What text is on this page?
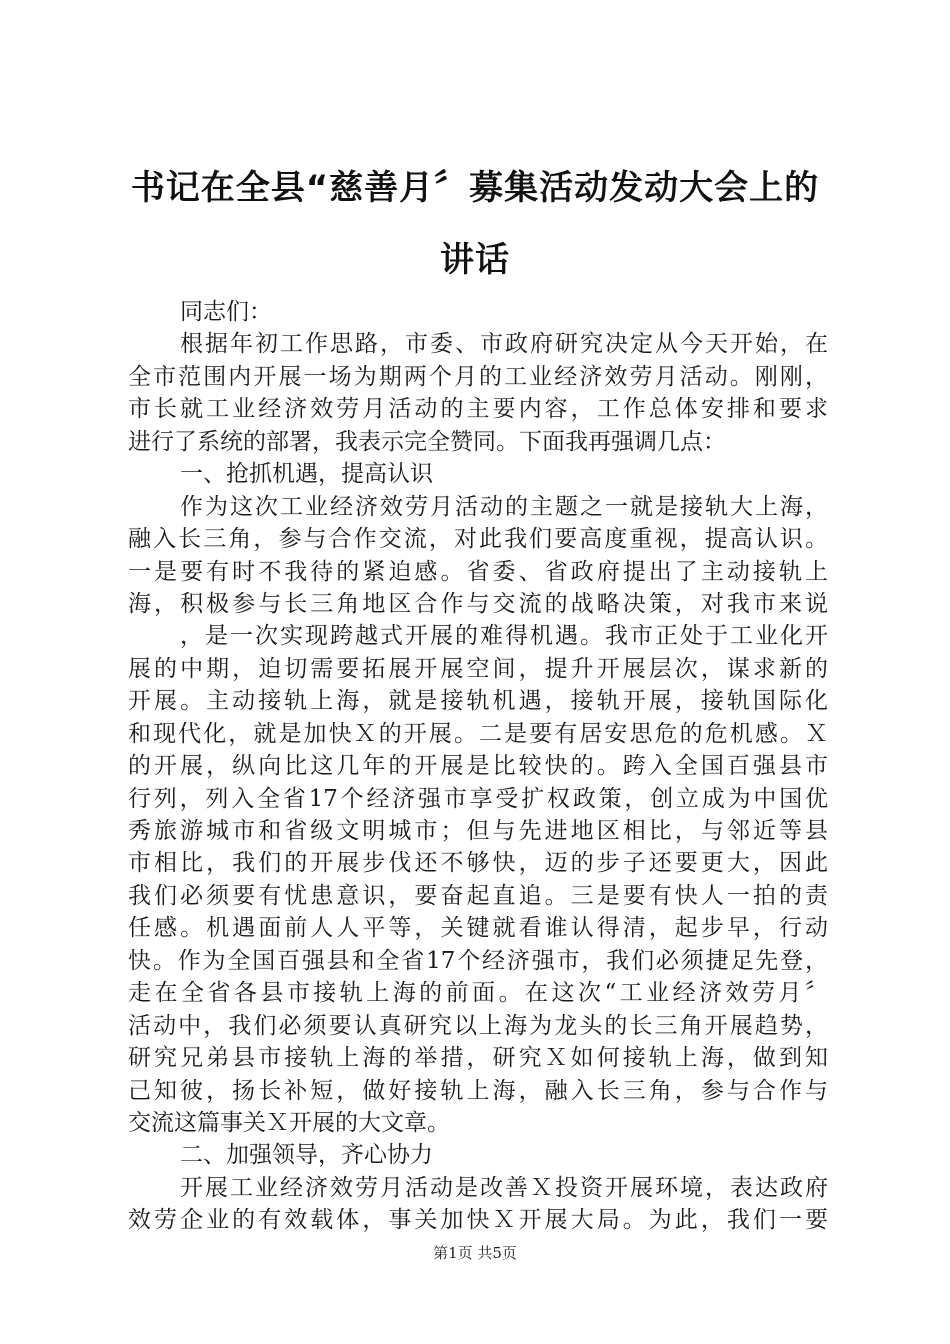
书记在全县“慈善月〞募集活动发动大会上的
讲话
同志们：
根据年初工作思路，市委、市政府研究决定从今天开始，在
全市范围内开展一场为期两个月的工业经济效劳月活动。刚刚，
市长就工业经济效劳月活动的主要内容，工作总体安排和要求
进行了系统的部署，我表示完全赞同。下面我再强调几点：
一、抢抓机遇，提高认识
作为这次工业经济效劳月活动的主题之一就是接轨大上海，
融入长三角，参与合作交流，对此我们要高度重视，提高认识。
一是要有时不我待的紧迫感。省委、省政府提出了主动接轨上
海，积极参与长三角地区合作与交流的战略决策，对我市来说
，是一次实现跨越式开展的难得机遇。我市正处于工业化开
展的中期，迫切需要拓展开展空间，提升开展层次，谋求新的
开展。主动接轨上海，就是接轨机遇，接轨开展，接轨国际化
和现代化，就是加快Ｘ的开展。二是要有居安思危的危机感。Ｘ
的开展，纵向比这几年的开展是比较快的。跨入全国百强县市
行列，列入全省17个经济强市享受扩权政策，创立成为中国优
秀旅游城市和省级文明城市；但与先进地区相比，与邻近等县
市相比，我们的开展步伐还不够快，迈的步子还要更大，因此
我们必须要有忧患意识，要奋起直追。三是要有快人一拍的责
任感。机遇面前人人平等，关键就看谁认得清，起步早，行动
快。作为全国百强县和全省17个经济强市，我们必须捷足先登，
走在全省各县市接轨上海的前面。在这次“工业经济效劳月〞
活动中，我们必须要认真研究以上海为龙头的长三角开展趋势，
研究兄弟县市接轨上海的举措，研究Ｘ如何接轨上海，做到知
己知彼，扬长补短，做好接轨上海，融入长三角，参与合作与
交流这篇事关Ｘ开展的大文章。
二、加强领导，齐心协力
开展工业经济效劳月活动是改善Ｘ投资开展环境，表达政府
效劳企业的有效载体，事关加快Ｘ开展大局。为此，我们一要
第1页 共5页
